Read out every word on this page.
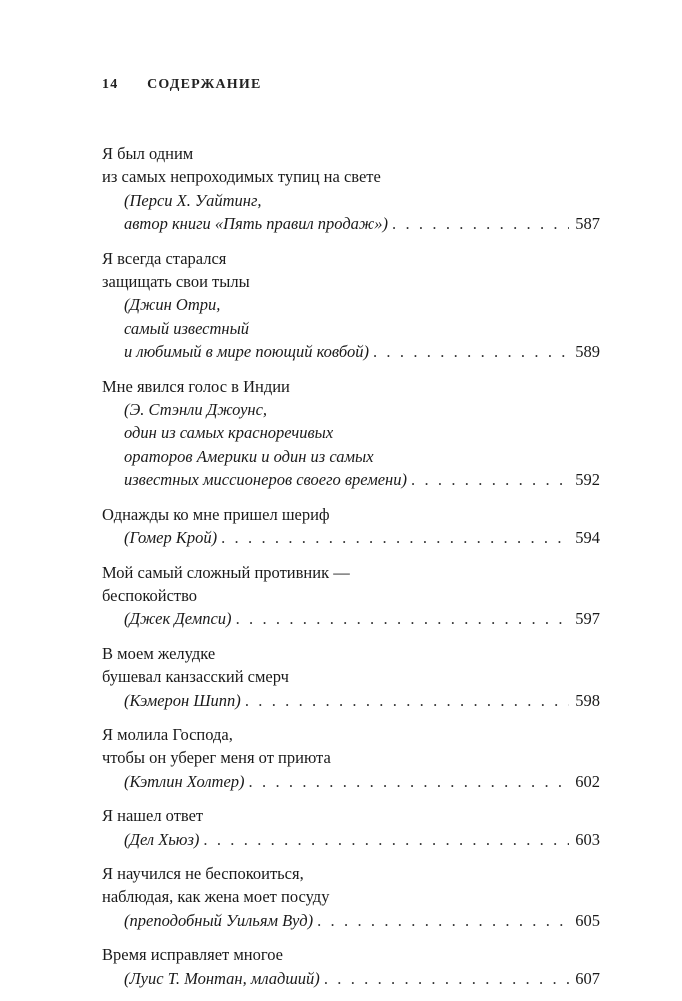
14 СОДЕРЖАНИЕ
Я был одним
из самых непроходимых тупиц на свете
(Перси Х. Уайтинг,
автор книги «Пять правил продаж») . . .	587
Я всегда старался
защищать свои тылы
(Джин Отри,
самый известный
и любимый в мире поющий ковбой) . . .	589
Мне явился голос в Индии
(Э. Стэнли Джоунс,
один из самых красноречивых
ораторов Америки и один из самых
известных миссионеров своего времени) . . .	592
Однажды ко мне пришел шериф
(Гомер Крой) . . .	594
Мой самый сложный противник —
беспокойство
(Джек Демпси) . . .	597
В моем желудке
бушевал канзасский смерч
(Кэмерон Шипп) . . .	598
Я молила Господа,
чтобы он уберег меня от приюта
(Кэтлин Холтер) . . .	602
Я нашел ответ
(Дел Хьюз) . . .	603
Я научился не беспокоиться,
наблюдая, как жена моет посуду
(преподобный Уильям Вуд) . . .	605
Время исправляет многое
(Луис Т. Монтан, младший) . . .	607
